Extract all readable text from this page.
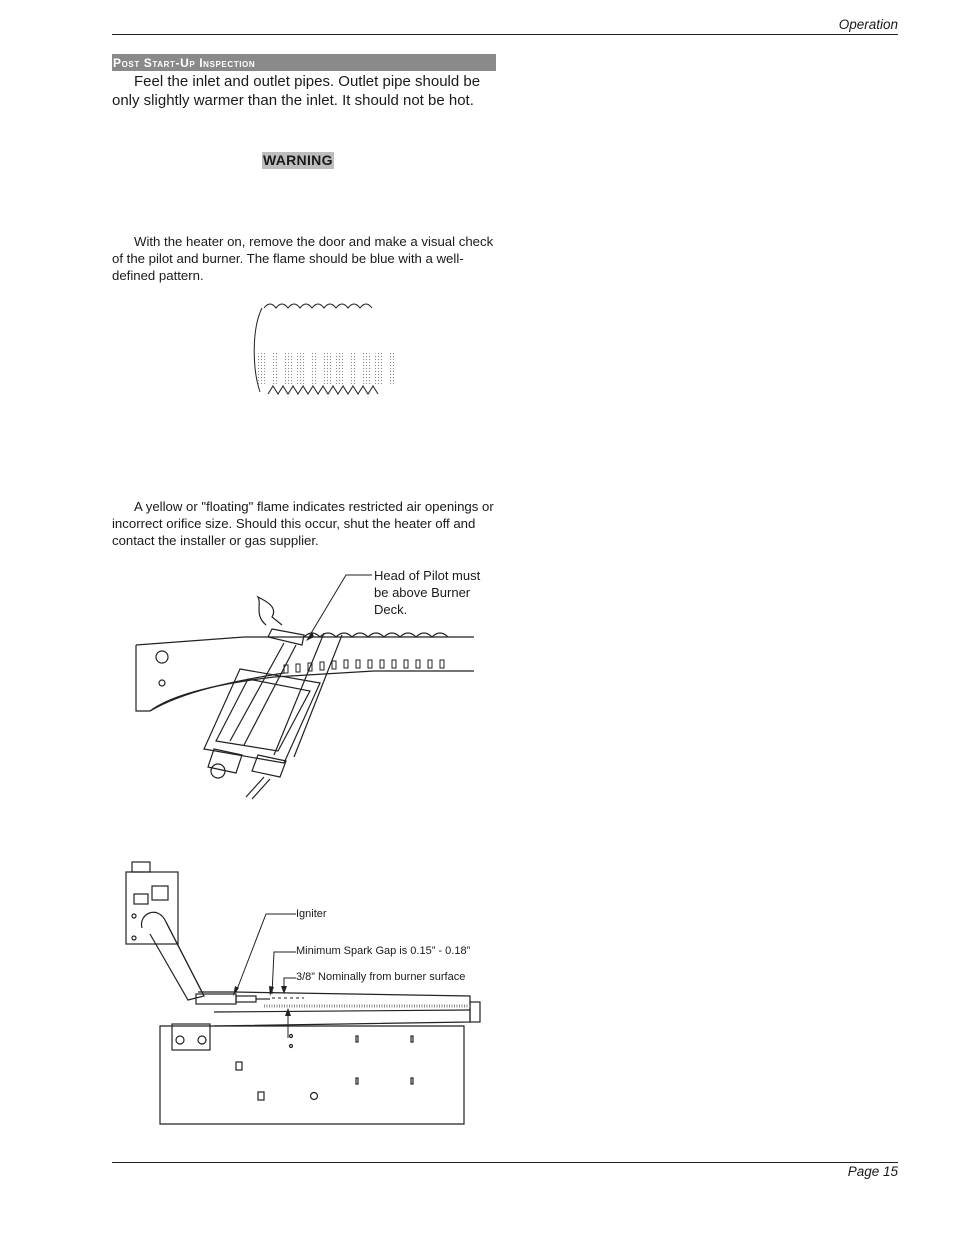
Operation
Post Start-Up Inspection
Feel the inlet and outlet pipes. Outlet pipe should be only slightly warmer than the inlet. It should not be hot.
WARNING
With the heater on, remove the door and make a visual check of the pilot and burner. The flame should be blue with a well-defined pattern.
A yellow or "floating" flame indicates restricted air openings or incorrect orifice size. Should this occur, shut the heater off and contact the installer or gas supplier.
Head of Pilot must be above Burner Deck.
Igniter
Minimum Spark Gap is 0.15” - 0.18”
3/8” Nominally from burner surface
Page 15
